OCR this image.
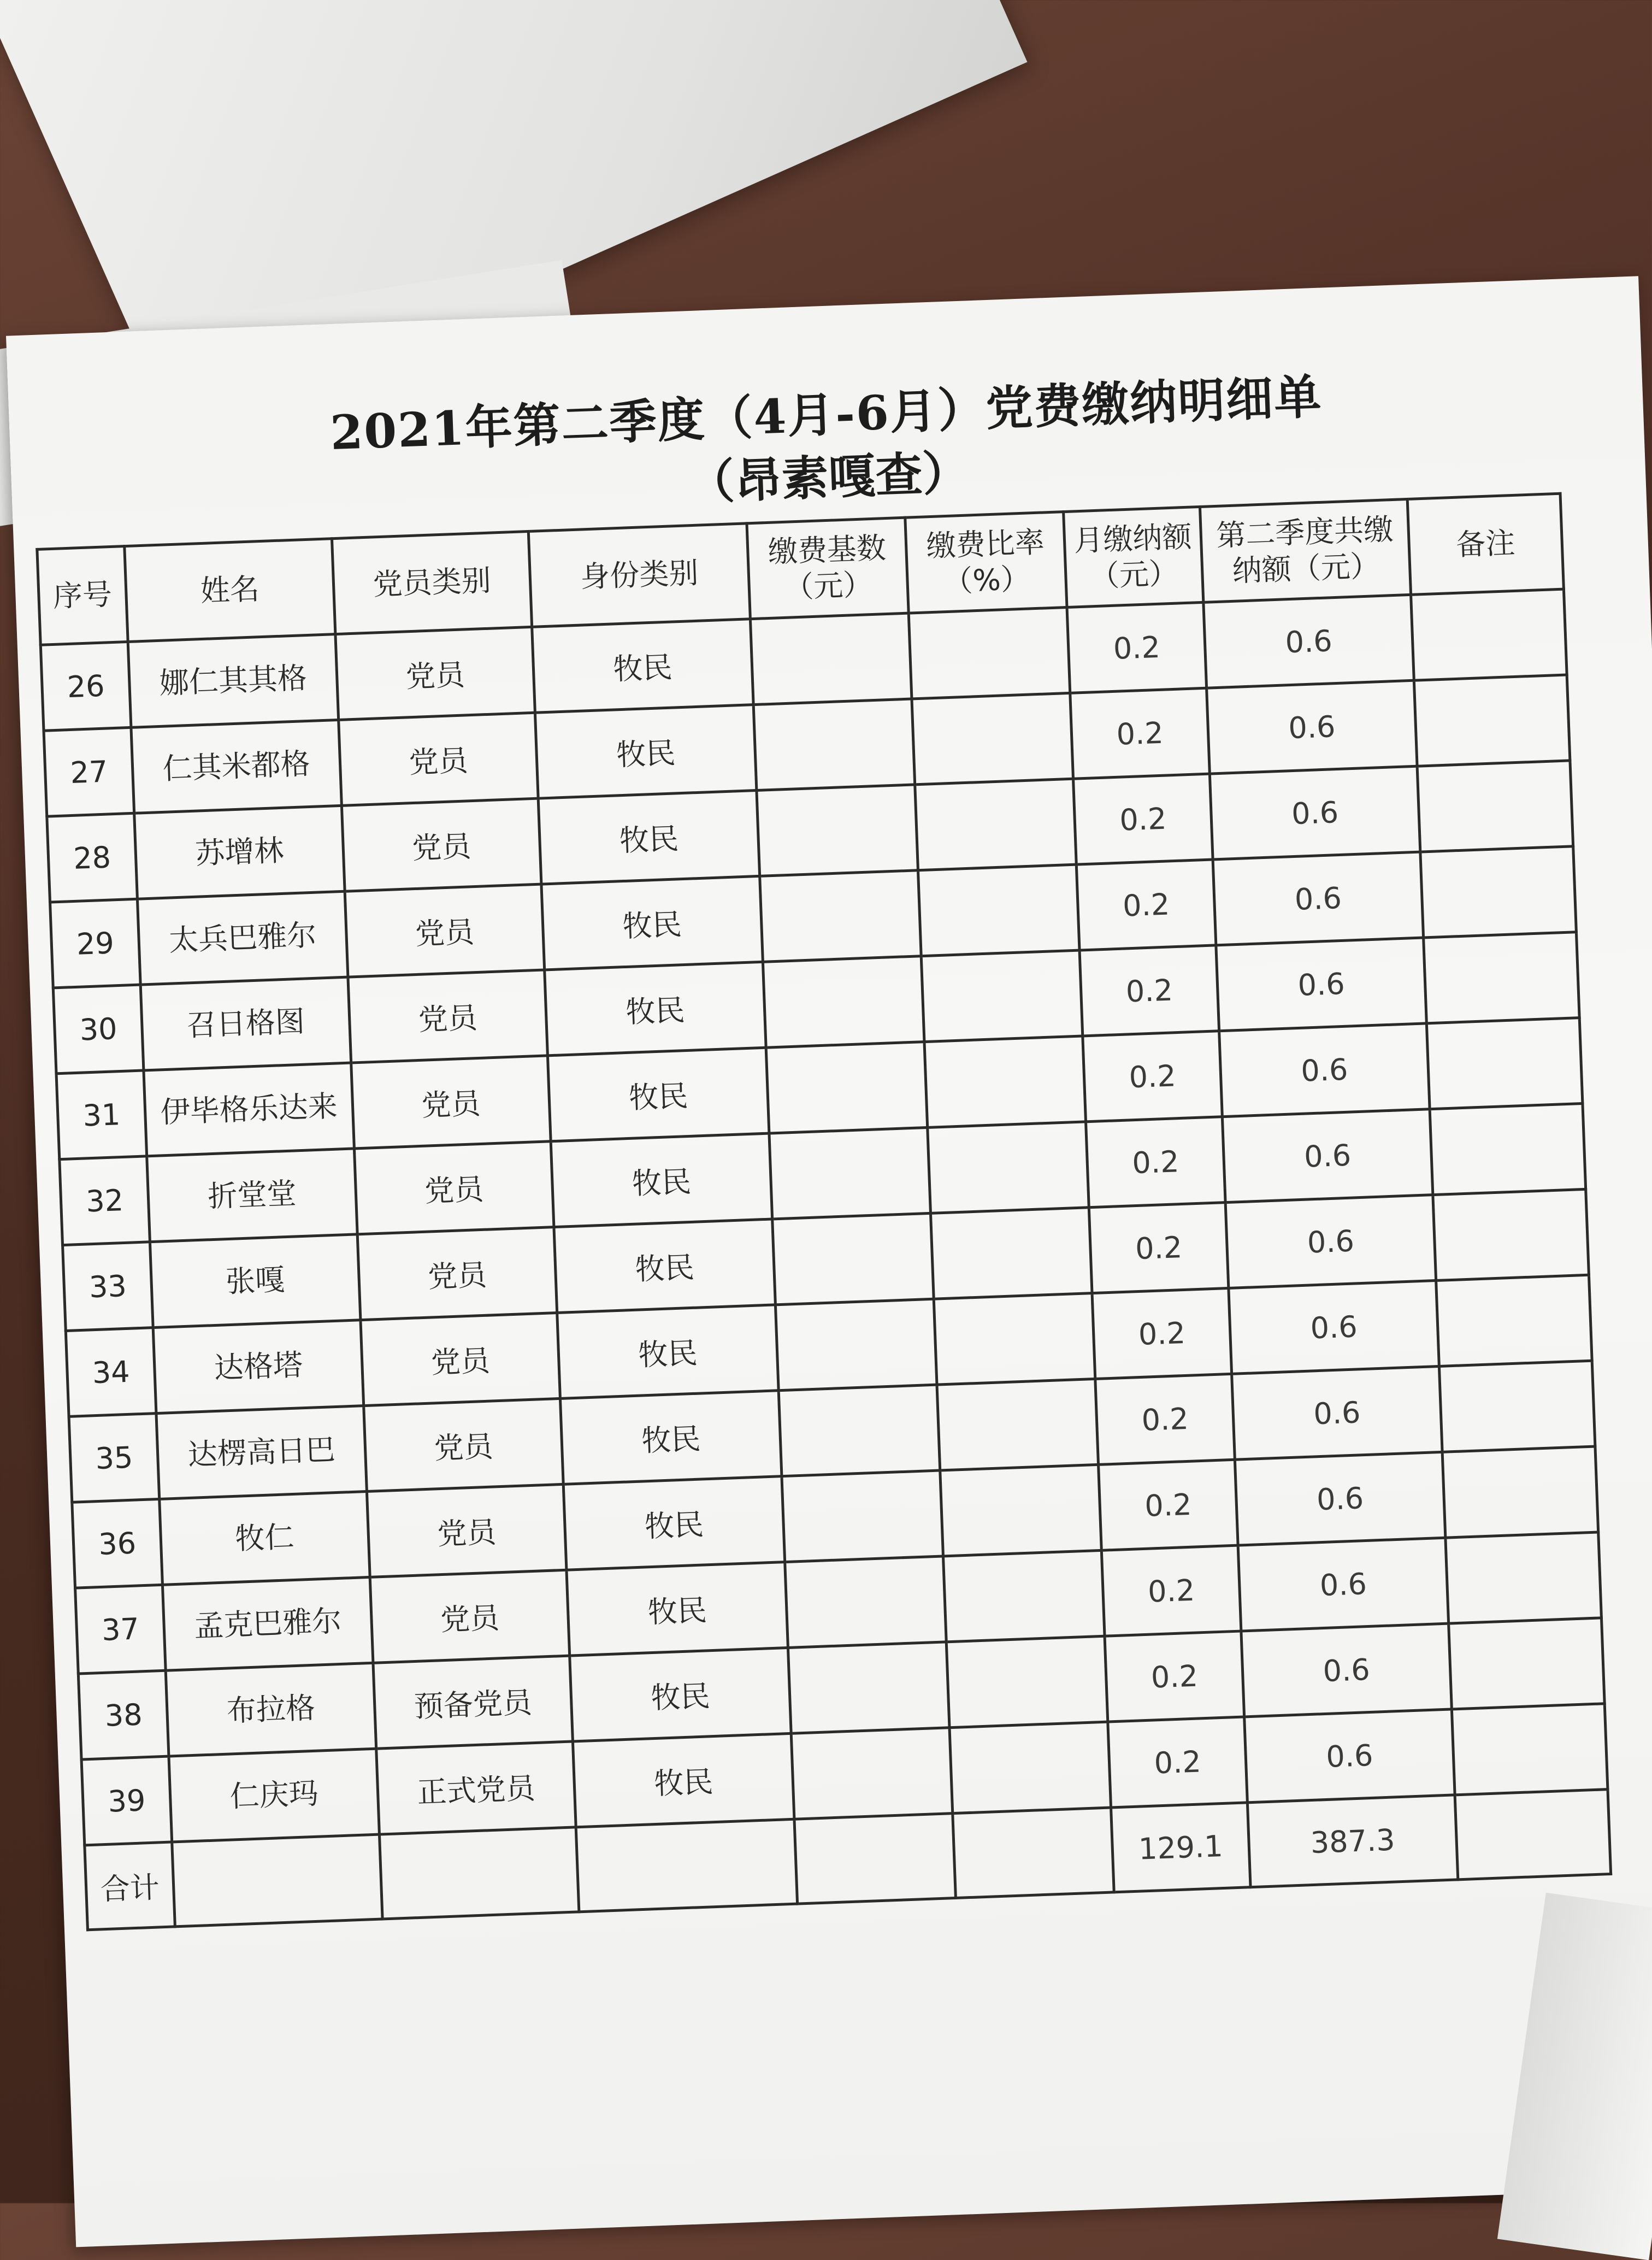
2021年第二季度（4月-6月）党费缴纳明细单
（昂素嘎查）
序号	姓名	党员类别	身份类别	缴费基数（元）	缴费比率（%）	月缴纳额（元）	第二季度共缴纳额（元）	备注
26	娜仁其其格	党员	牧民			0.2	0.6	
27	仁其米都格	党员	牧民			0.2	0.6	
28	苏增林	党员	牧民			0.2	0.6	
29	太兵巴雅尔	党员	牧民			0.2	0.6	
30	召日格图	党员	牧民			0.2	0.6	
31	伊毕格乐达来	党员	牧民			0.2	0.6	
32	折堂堂	党员	牧民			0.2	0.6	
33	张嘎	党员	牧民			0.2	0.6	
34	达格塔	党员	牧民			0.2	0.6	
35	达楞高日巴	党员	牧民			0.2	0.6	
36	牧仁	党员	牧民			0.2	0.6	
37	孟克巴雅尔	党员	牧民			0.2	0.6	
38	布拉格	预备党员	牧民			0.2	0.6	
39	仁庆玛	正式党员	牧民			0.2	0.6	
合计						129.1	387.3	
